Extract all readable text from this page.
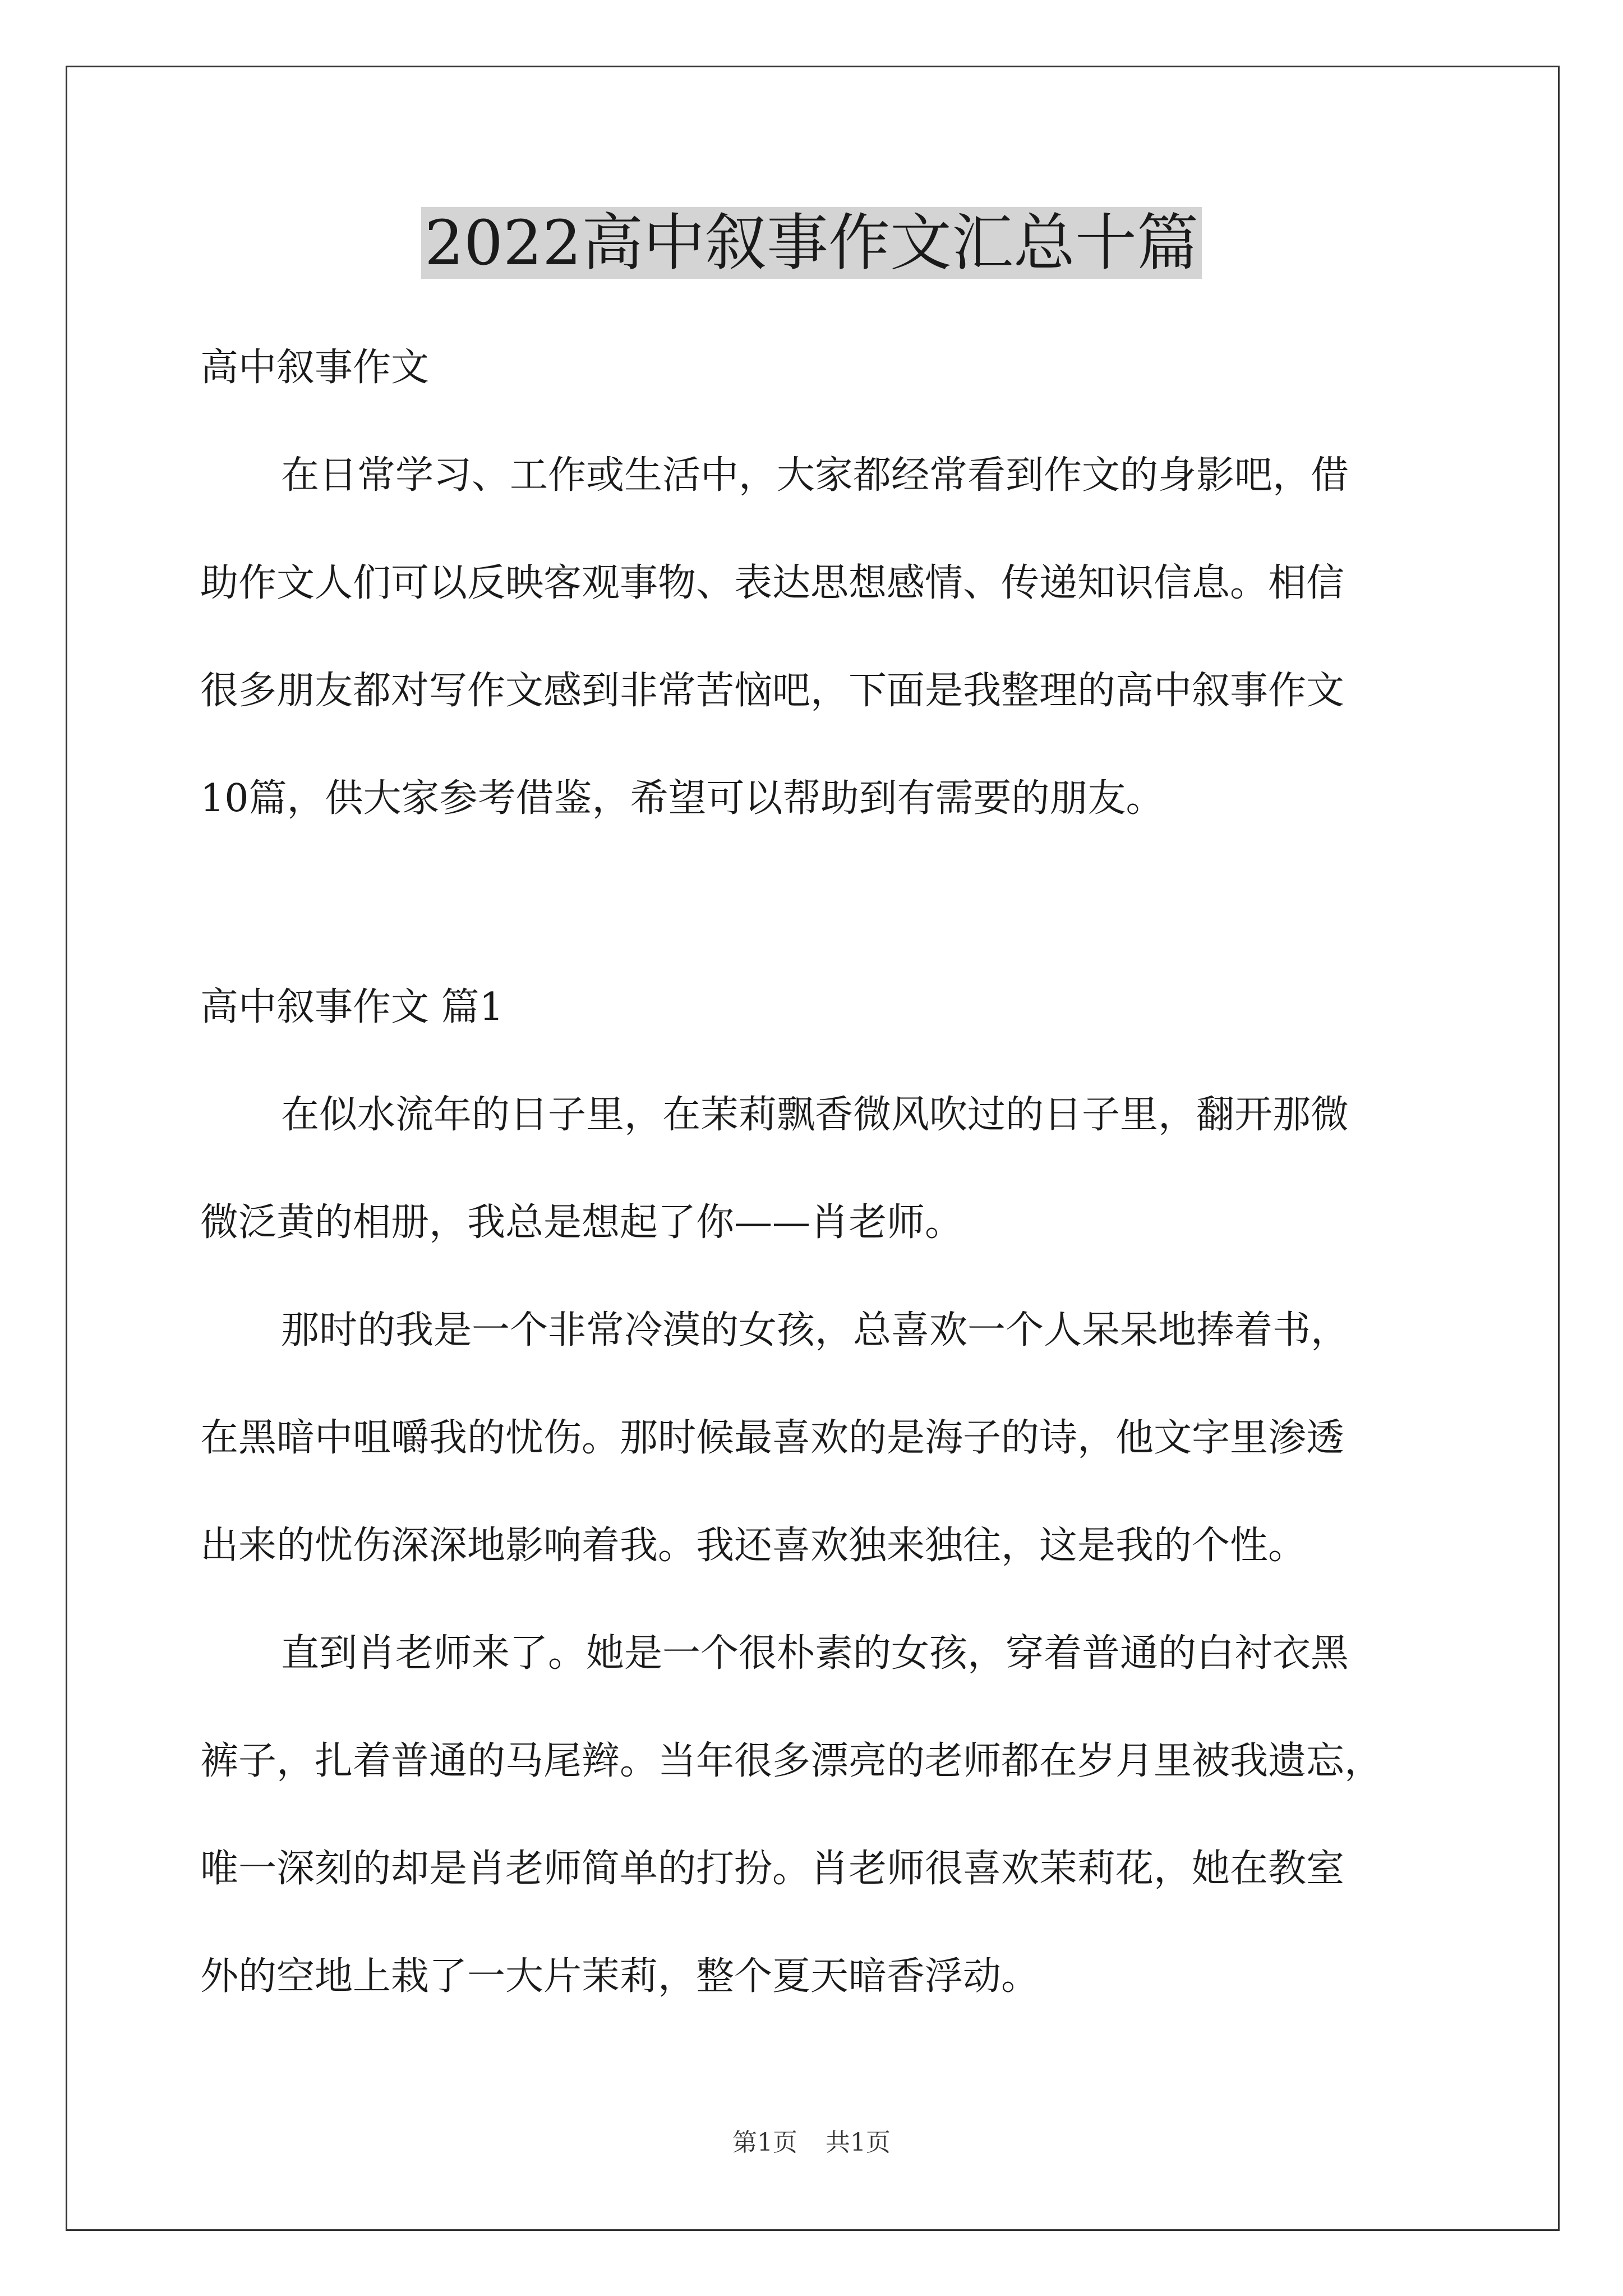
2022高中叙事作文汇总十篇
高中叙事作文
在日常学习、工作或生活中，大家都经常看到作文的身影吧，借
助作文人们可以反映客观事物、表达思想感情、传递知识信息。相信
很多朋友都对写作文感到非常苦恼吧，下面是我整理的高中叙事作文
10篇，供大家参考借鉴，希望可以帮助到有需要的朋友。
高中叙事作文 篇1
在似水流年的日子里，在茉莉飘香微风吹过的日子里，翻开那微
微泛黄的相册，我总是想起了你——肖老师。
那时的我是一个非常冷漠的女孩，总喜欢一个人呆呆地捧着书，
在黑暗中咀嚼我的忧伤。那时候最喜欢的是海子的诗，他文字里渗透
出来的忧伤深深地影响着我。我还喜欢独来独往，这是我的个性。
直到肖老师来了。她是一个很朴素的女孩，穿着普通的白衬衣黑
裤子，扎着普通的马尾辫。当年很多漂亮的老师都在岁月里被我遗忘，
唯一深刻的却是肖老师简单的打扮。肖老师很喜欢茉莉花，她在教室
外的空地上栽了一大片茉莉，整个夏天暗香浮动。
第1页 共1页
